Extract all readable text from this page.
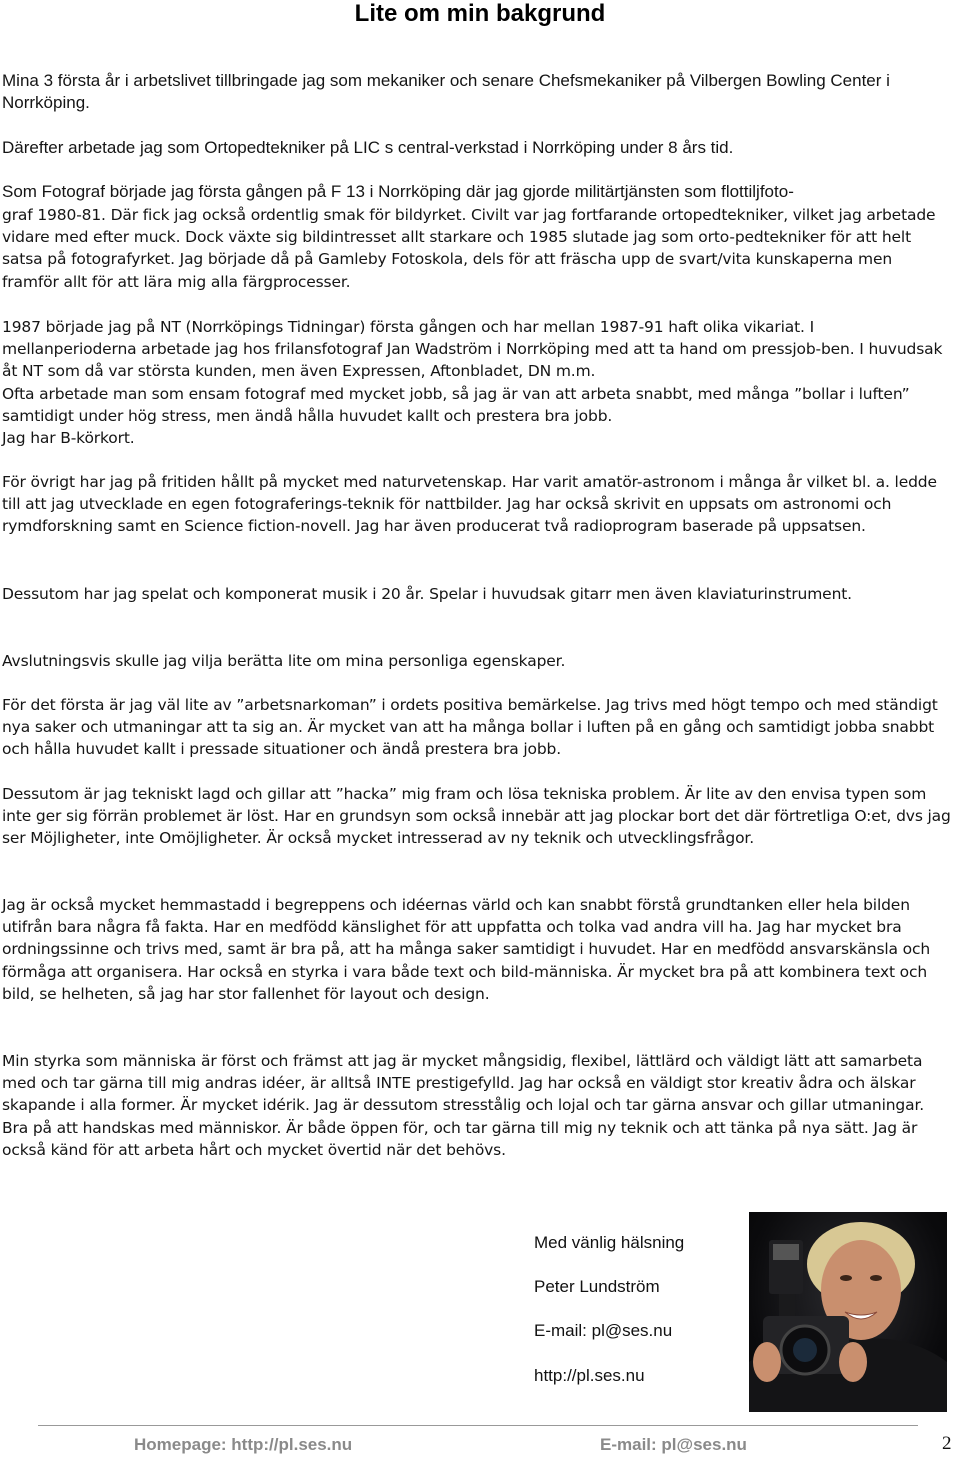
Lite om min bakgrund

Mina 3 första år i arbetslivet tillbringade jag som mekaniker och senare Chefsmekaniker på Vilbergen Bowling Center i Norrköping.

Därefter arbetade jag som Ortopedtekniker på LIC s central-verkstad i Norrköping under 8 års tid.

Som Fotograf började jag första gången på F 13 i Norrköping där jag gjorde militärtjänsten som flottiljfoto-

graf 1980-81. Där fick jag också ordentlig smak för bildyrket. Civilt var jag fortfarande ortopedtekniker, vilket jag arbetade vidare med efter muck. Dock växte sig bildintresset allt starkare och 1985 slutade jag som orto-pedtekniker för att helt satsa på fotografyrket. Jag började då på Gamleby Fotoskola, dels för att fräscha upp de svart/vita kunskaperna men framför allt för att lära mig alla färgprocesser.

1987 började jag på NT (Norrköpings Tidningar) första gången och har mellan 1987-91 haft olika vikariat. I mellanperioderna arbetade jag hos frilansfotograf Jan Wadström i Norrköping med att ta hand om pressjob-ben. I huvudsak åt NT som då var största kunden, men även Expressen, Aftonbladet, DN m.m.
Ofta arbetade man som ensam fotograf med mycket jobb, så jag är van att arbeta snabbt, med många ”bollar i luften” samtidigt under hög stress, men ändå hålla huvudet kallt och prestera bra jobb.
Jag har B-körkort.

För övrigt har jag på fritiden hållt på mycket med naturvetenskap. Har varit amatör-astronom i många år vilket bl. a. ledde till att jag utvecklade en egen fotograferings-teknik för nattbilder. Jag har också skrivit en uppsats om astronomi och rymdforskning samt en Science fiction-novell. Jag har även producerat två radioprogram baserade på uppsatsen.

Dessutom har jag spelat och komponerat musik i 20 år. Spelar i huvudsak gitarr men även klaviaturinstrument.

Avslutningsvis skulle jag vilja berätta lite om mina personliga egenskaper.

För det första är jag väl lite av ”arbetsnarkoman” i ordets positiva bemärkelse. Jag trivs med högt tempo och med ständigt nya saker och utmaningar att ta sig an. Är mycket van att ha många bollar i luften på en gång och samtidigt jobba snabbt och hålla huvudet kallt i pressade situationer och ändå prestera bra jobb.

Dessutom är jag tekniskt lagd och gillar att ”hacka” mig fram och lösa tekniska problem. Är lite av den envisa typen som inte ger sig förrän problemet är löst. Har en grundsyn som också innebär att jag plockar bort det där förtretliga O:et, dvs jag ser Möjligheter, inte Omöjligheter. Är också mycket intresserad av ny teknik och utvecklingsfrågor.

Jag är också mycket hemmastadd i begreppens och idéernas värld och kan snabbt förstå grundtanken eller hela bilden utifrån bara några få fakta. Har en medfödd känslighet för att uppfatta och tolka vad andra vill ha. Jag har mycket bra ordningssinne och trivs med, samt är bra på, att ha många saker samtidigt i huvudet. Har en medfödd ansvarskänsla och förmåga att organisera. Har också en styrka i vara både text och bild-människa. Är mycket bra på att kombinera text och bild, se helheten, så jag har stor fallenhet för layout och design.

Min styrka som människa är först och främst att jag är mycket mångsidig, flexibel, lättlärd och väldigt lätt att samarbeta med och tar gärna till mig andras idéer, är alltså INTE prestigefylld. Jag har också en väldigt stor kreativ ådra och älskar skapande i alla former. Är mycket idérik. Jag är dessutom stresstålig och lojal och tar gärna ansvar och gillar utmaningar. Bra på att handskas med människor. Är både öppen för, och tar gärna till mig ny teknik och att tänka på nya sätt. Jag är också känd för att arbeta hårt och mycket övertid när det behövs.

Med vänlig hälsning
Peter Lundström
E-mail: pl@ses.nu
http://pl.ses.nu
Homepage: http://pl.ses.nu	E-mail: pl@ses.nu	2
